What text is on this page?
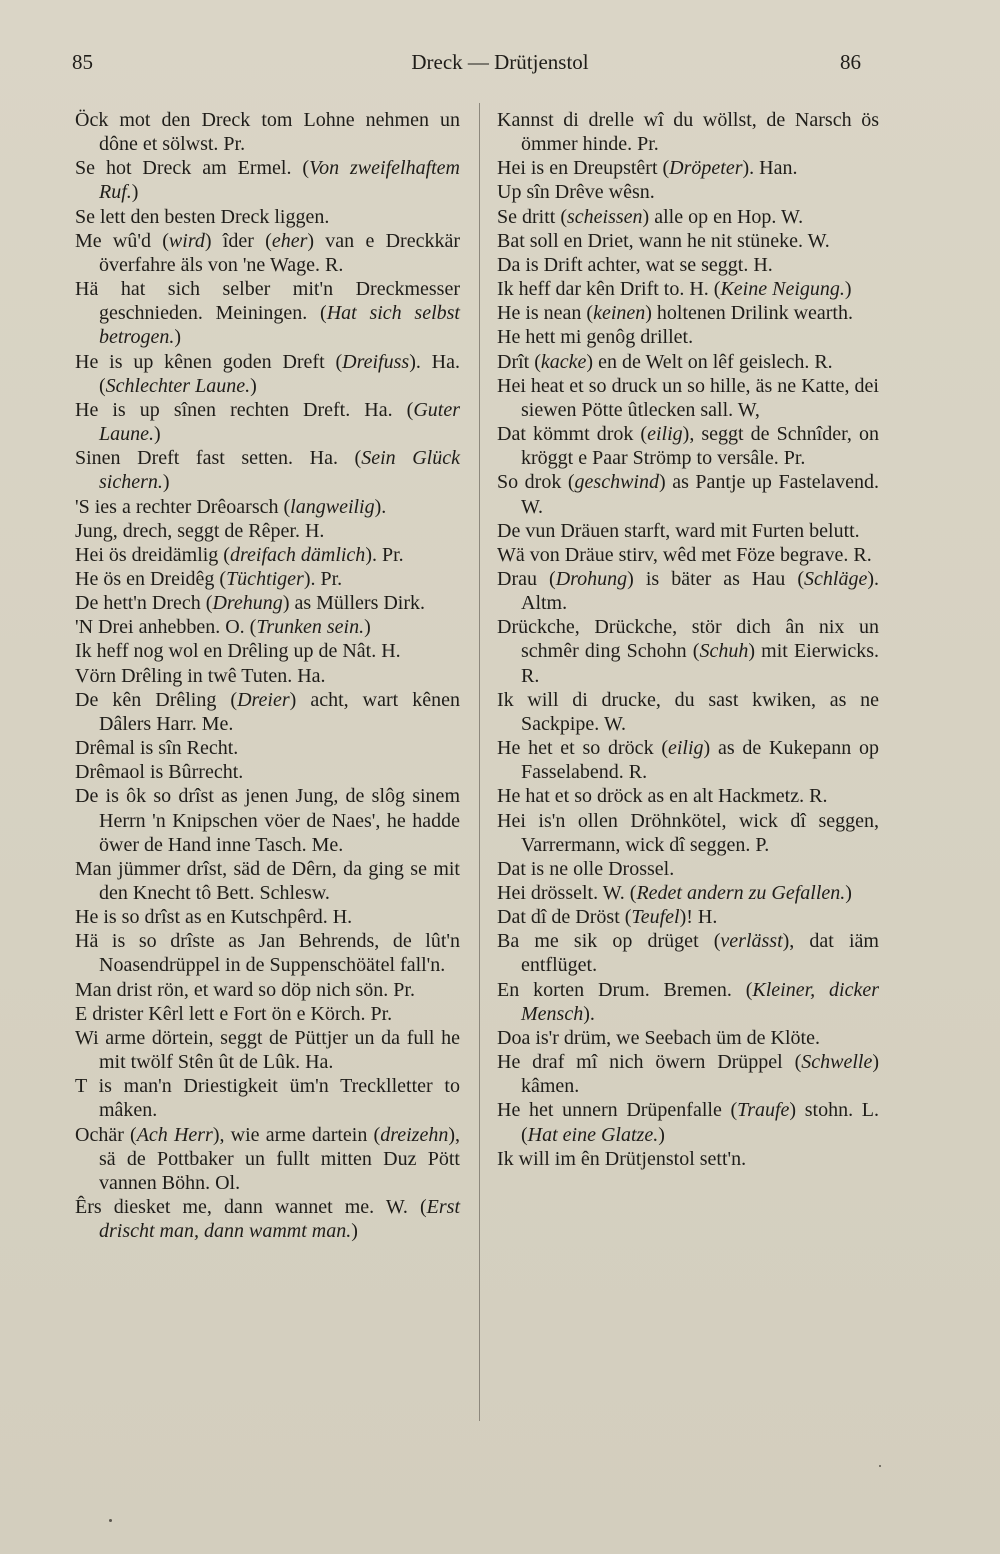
85	Dreck — Drütjenstol	86

Öck mot den Dreck tom Lohne nehmen un dône et sölwst. Pr.

Se hot Dreck am Ermel. (Von zweifelhaftem Ruf.)

Se lett den besten Dreck liggen.

Me wû'd (wird) îder (eher) van e Dreckkär överfahre äls von 'ne Wage. R.

Hä hat sich selber mit'n Dreckmesser geschnieden. Meiningen. (Hat sich selbst betrogen.)

He is up kênen goden Dreft (Dreifuss). Ha. (Schlechter Laune.)

He is up sînen rechten Dreft. Ha. (Guter Laune.)

Sinen Dreft fast setten. Ha. (Sein Glück sichern.)

'S ies a rechter Drêoarsch (langweilig).

Jung, drech, seggt de Rêper. H.

Hei ös dreidämlig (dreifach dämlich). Pr.

He ös en Dreidêg (Tüchtiger). Pr.

De hett'n Drech (Drehung) as Müllers Dirk.

'N Drei anhebben. O. (Trunken sein.)

Ik heff nog wol en Drêling up de Nât. H.

Vörn Drêling in twê Tuten. Ha.

De kên Drêling (Dreier) acht, wart kênen Dâlers Harr. Me.

Drêmal is sîn Recht.

Drêmaol is Bûrrecht.

De is ôk so drîst as jenen Jung, de slôg sinem Herrn 'n Knipschen vöer de Naes', he hadde öwer de Hand inne Tasch. Me.

Man jümmer drîst, säd de Dêrn, da ging se mit den Knecht tô Bett. Schlesw.

He is so drîst as en Kutschpêrd. H.

Hä is so drîste as Jan Behrends, de lût'n Noasendrüppel in de Suppenschöätel fall'n.

Man drist rön, et ward so döp nich sön. Pr.

E drister Kêrl lett e Fort ön e Körch. Pr.

Wi arme dörtein, seggt de Püttjer un da full he mit twölf Stên ût de Lûk. Ha.

T is man'n Driestigkeit üm'n Trecklletter to mâken.

Ochär (Ach Herr), wie arme dartein (dreizehn), sä de Pottbaker un fullt mitten Duz Pött vannen Böhn. Ol.

Êrs diesket me, dann wannet me. W. (Erst drischt man, dann wammt man.)

Kannst di drelle wî du wöllst, de Narsch ös ömmer hinde. Pr.

Hei is en Dreupstêrt (Dröpeter). Han.

Up sîn Drêve wêsn.

Se dritt (scheissen) alle op en Hop. W.

Bat soll en Driet, wann he nit stüneke. W.

Da is Drift achter, wat se seggt. H.

Ik heff dar kên Drift to. H. (Keine Neigung.)

He is nean (keinen) holtenen Drilink wearth.

He hett mi genôg drillet.

Drît (kacke) en de Welt on lêf geislech. R.

Hei heat et so druck un so hille, äs ne Katte, dei siewen Pötte ûtlecken sall. W,

Dat kömmt drok (eilig), seggt de Schnîder, on kröggt e Paar Strömp to versâle. Pr.

So drok (geschwind) as Pantje up Fastelavend. W.

De vun Dräuen starft, ward mit Furten belutt.

Wä von Dräue stirv, wêd met Föze begrave. R.

Drau (Drohung) is bäter as Hau (Schläge). Altm.

Drückche, Drückche, stör dich ân nix un schmêr ding Schohn (Schuh) mit Eierwicks. R.

Ik will di drucke, du sast kwiken, as ne Sackpipe. W.

He het et so dröck (eilig) as de Kukepann op Fasselabend. R.

He hat et so dröck as en alt Hackmetz. R.

Hei is'n ollen Dröhnkötel, wick dî seggen, Varrermann, wick dî seggen. P.

Dat is ne olle Drossel.

Hei drösselt. W. (Redet andern zu Gefallen.)

Dat dî de Dröst (Teufel)! H.

Ba me sik op drüget (verlässt), dat iäm entflüget.

En korten Drum. Bremen. (Kleiner, dicker Mensch).

Doa is'r drüm, we Seebach üm de Klöte.

He draf mî nich öwern Drüppel (Schwelle) kâmen.

He het unnern Drüpenfalle (Traufe) stohn. L. (Hat eine Glatze.)

Ik will im ên Drütjenstol sett'n.
